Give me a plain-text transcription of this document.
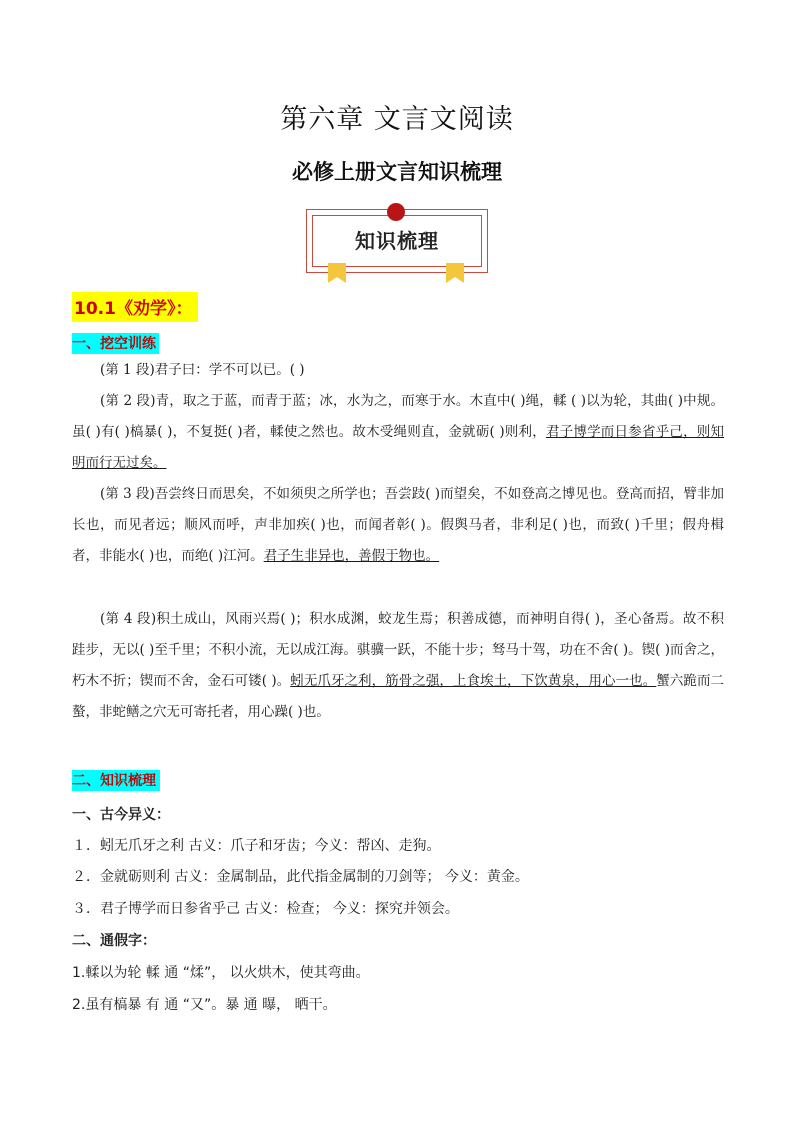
第六章 文言文阅读
必修上册文言知识梳理
知识梳理
10.1《劝学》：
一、挖空训练
(第 1 段)君子曰：学不可以已。( )
(第 2 段)青，取之于蓝，而青于蓝；冰，水为之，而寒于水。木直中( )绳，輮 ( )以为轮，其曲( )中规。虽( )有( )槁暴( )，不复挺( )者，輮使之然也。故木受绳则直，金就砺( )则利，君子博学而日参省乎己，则知明而行无过矣。
(第 3 段)吾尝终日而思矣，不如须臾之所学也；吾尝跂( )而望矣，不如登高之博见也。登高而招，臂非加长也，而见者远；顺风而呼，声非加疾( )也，而闻者彰( )。假舆马者，非利足( )也，而致( )千里；假舟楫者，非能水( )也，而绝( )江河。君子生非异也，善假于物也。
(第 4 段)积土成山，风雨兴焉( )；积水成渊，蛟龙生焉；积善成德，而神明自得( )，圣心备焉。故不积跬步，无以( )至千里；不积小流，无以成江海。骐骥一跃，不能十步；驽马十驾，功在不舍( )。锲( )而舍之，朽木不折；锲而不舍，金石可镂( )。蚓无爪牙之利，筋骨之强，上食埃土，下饮黄泉，用心一也。蟹六跪而二螯，非蛇鳝之穴无可寄托者，用心躁( )也。
二、知识梳理
一、古今异义：
１．蚓无爪牙之利 古义：爪子和牙齿；今义：帮凶、走狗。
２．金就砺则利 古义：金属制品，此代指金属制的刀剑等； 今义：黄金。
３．君子博学而日参省乎己 古义：检查； 今义：探究并领会。
二、通假字：
1.輮以为轮 輮 通 “煣”， 以火烘木，使其弯曲。
2.虽有槁暴 有 通 “又”。暴 通 曝， 晒干。
